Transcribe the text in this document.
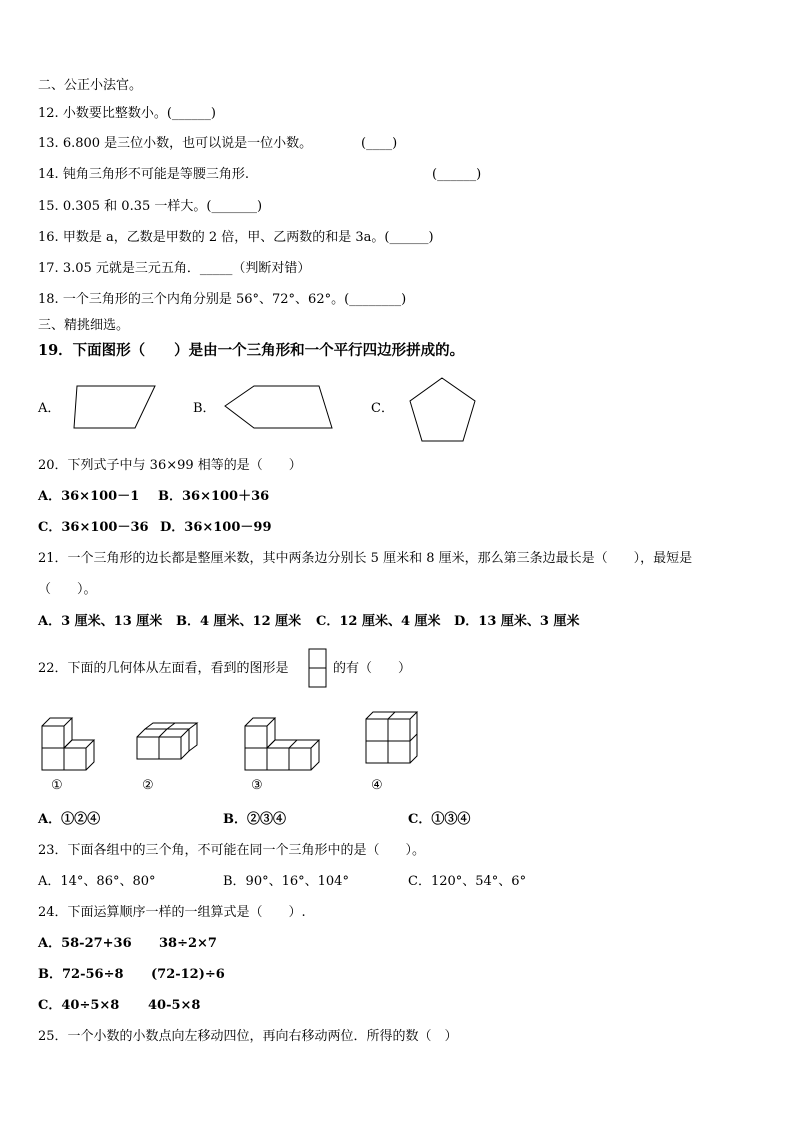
二、公正小法官。
12. 小数要比整数小。(______)
13. 6.800 是三位小数，也可以说是一位小数。	(____)
14. 钝角三角形不可能是等腰三角形.	(______)
15. 0.305 和 0.35 一样大。(_______)
16. 甲数是 a，乙数是甲数的 2 倍，甲、乙两数的和是 3a。(______)
17. 3.05 元就是三元五角．_____（判断对错）
18. 一个三角形的三个内角分别是 56°、72°、62°。(________)
三、精挑细选。
19．下面图形（　　）是由一个三角形和一个平行四边形拼成的。
A．	B．	C．
20．下列式子中与 36×99 相等的是（　　）
A．36×100－1 B．36×100＋36
C．36×100－36 D．36×100－99
21．一个三角形的边长都是整厘米数，其中两条边分别长 5 厘米和 8 厘米，那么第三条边最长是（　　），最短是
（　　）。
A．3 厘米、13 厘米 B．4 厘米、12 厘米 C．12 厘米、4 厘米 D．13 厘米、3 厘米
22．下面的几何体从左面看，看到的图形是	的有（　　）
①	②	③	④
A．①②④	B．②③④	C．①③④
23．下面各组中的三个角，不可能在同一个三角形中的是（　　）。
A．14°、86°、80°	B．90°、16°、104°	C．120°、54°、6°
24．下面运算顺序一样的一组算式是（　　）.
A．58-27+36 38÷2×7
B．72-56÷8 (72-12)÷6
C．40÷5×8 40-5×8
25．一个小数的小数点向左移动四位，再向右移动两位．所得的数（　）
